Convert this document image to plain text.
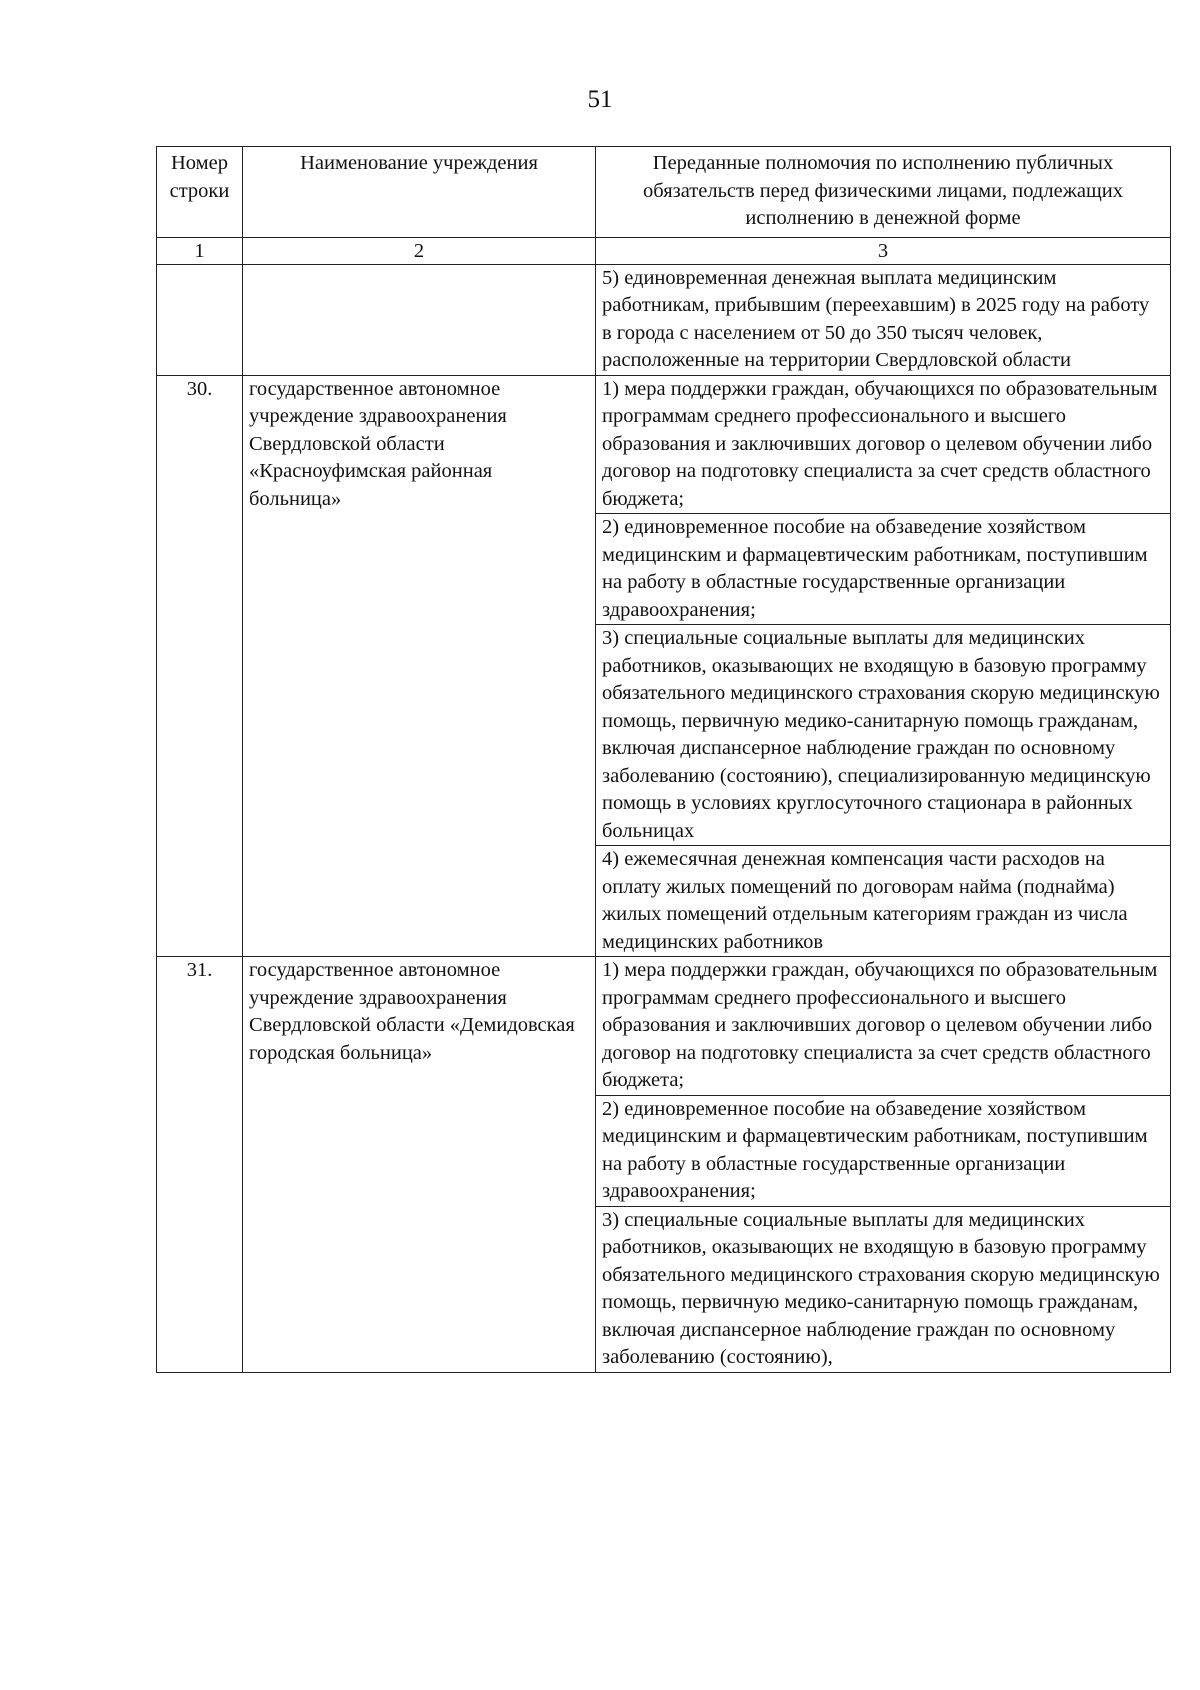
51
Номер строки	Наименование учреждения	Переданные полномочия по исполнению публичных обязательств перед физическими лицами, подлежащих исполнению в денежной форме
1	2	3
		5) единовременная денежная выплата медицинским работникам, прибывшим (переехавшим) в 2025 году на работу в города с населением от 50 до 350 тысяч человек, расположенные на территории Свердловской области
30.	государственное автономное учреждение здравоохранения Свердловской области «Красноуфимская районная больница»	1) мера поддержки граждан, обучающихся по образовательным программам среднего профессионального и высшего образования и заключивших договор о целевом обучении либо договор на подготовку специалиста за счет средств областного бюджета;
		2) единовременное пособие на обзаведение хозяйством медицинским и фармацевтическим работникам, поступившим на работу в областные государственные организации здравоохранения;
		3) специальные социальные выплаты для медицинских работников, оказывающих не входящую в базовую программу обязательного медицинского страхования скорую медицинскую помощь, первичную медико-санитарную помощь гражданам, включая диспансерное наблюдение граждан по основному заболеванию (состоянию), специализированную медицинскую помощь в условиях круглосуточного стационара в районных больницах
		4) ежемесячная денежная компенсация части расходов на оплату жилых помещений по договорам найма (поднайма) жилых помещений отдельным категориям граждан из числа медицинских работников
31.	государственное автономное учреждение здравоохранения Свердловской области «Демидовская городская больница»	1) мера поддержки граждан, обучающихся по образовательным программам среднего профессионального и высшего образования и заключивших договор о целевом обучении либо договор на подготовку специалиста за счет средств областного бюджета;
		2) единовременное пособие на обзаведение хозяйством медицинским и фармацевтическим работникам, поступившим на работу в областные государственные организации здравоохранения;
		3) специальные социальные выплаты для медицинских работников, оказывающих не входящую в базовую программу обязательного медицинского страхования скорую медицинскую помощь, первичную медико-санитарную помощь гражданам, включая диспансерное наблюдение граждан по основному заболеванию (состоянию),
